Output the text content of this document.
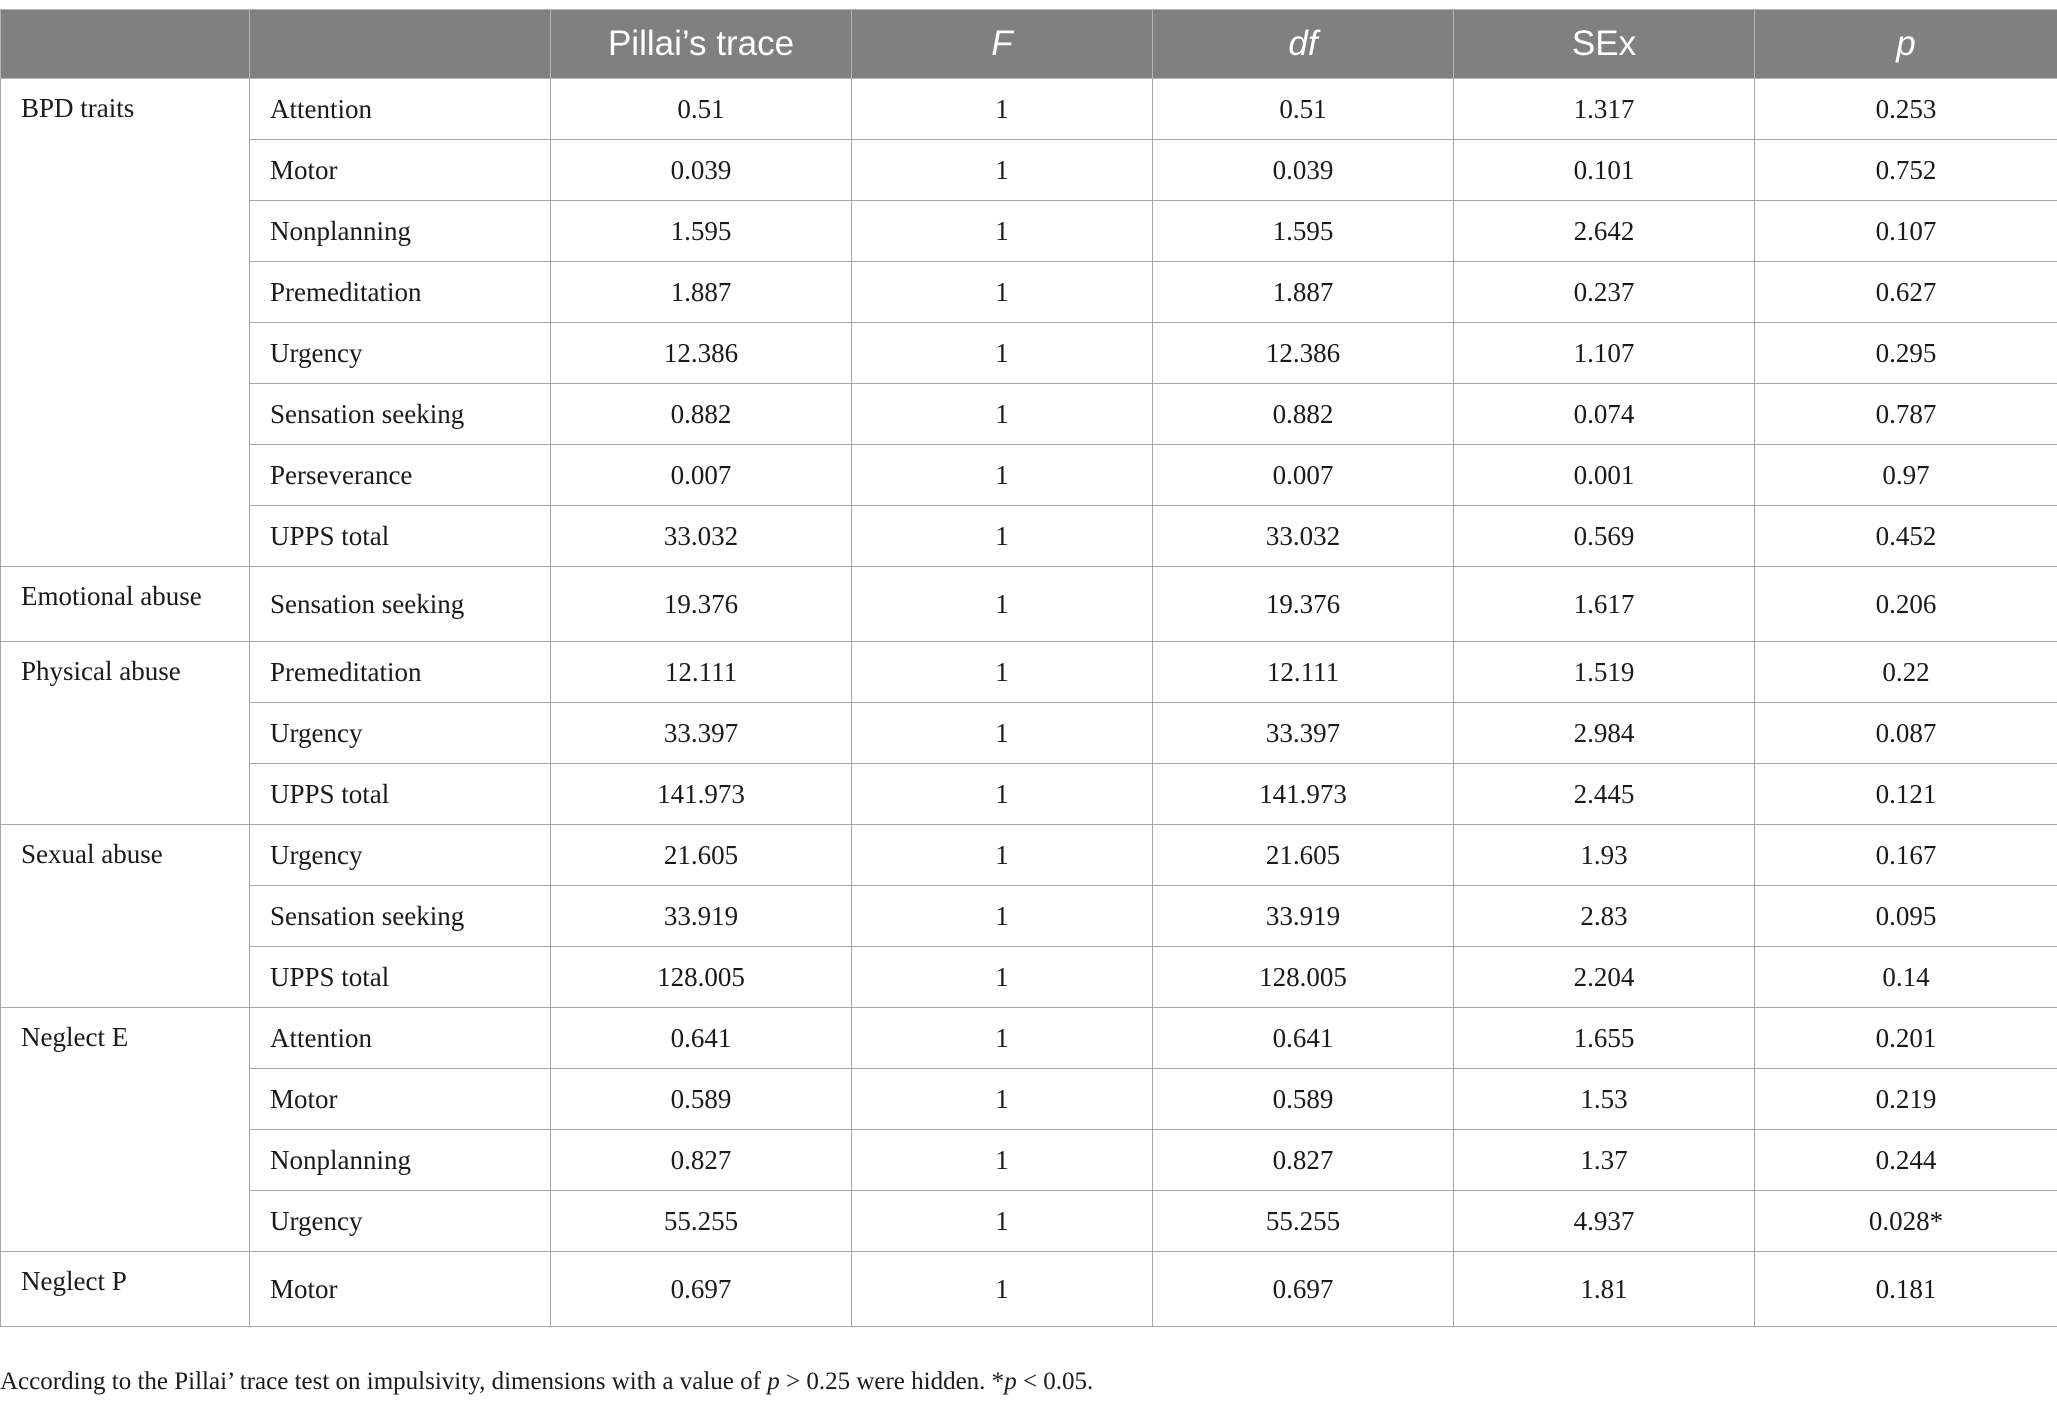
		Pillai’s trace	F	df	SEx	p
BPD traits	Attention	0.51	1	0.51	1.317	0.253
	Motor	0.039	1	0.039	0.101	0.752
	Nonplanning	1.595	1	1.595	2.642	0.107
	Premeditation	1.887	1	1.887	0.237	0.627
	Urgency	12.386	1	12.386	1.107	0.295
	Sensation seeking	0.882	1	0.882	0.074	0.787
	Perseverance	0.007	1	0.007	0.001	0.97
	UPPS total	33.032	1	33.032	0.569	0.452
Emotional abuse	Sensation seeking	19.376	1	19.376	1.617	0.206
Physical abuse	Premeditation	12.111	1	12.111	1.519	0.22
	Urgency	33.397	1	33.397	2.984	0.087
	UPPS total	141.973	1	141.973	2.445	0.121
Sexual abuse	Urgency	21.605	1	21.605	1.93	0.167
	Sensation seeking	33.919	1	33.919	2.83	0.095
	UPPS total	128.005	1	128.005	2.204	0.14
Neglect E	Attention	0.641	1	0.641	1.655	0.201
	Motor	0.589	1	0.589	1.53	0.219
	Nonplanning	0.827	1	0.827	1.37	0.244
	Urgency	55.255	1	55.255	4.937	0.028*
Neglect P	Motor	0.697	1	0.697	1.81	0.181
According to the Pillai’ trace test on impulsivity, dimensions with a value of p > 0.25 were hidden. *p < 0.05.
